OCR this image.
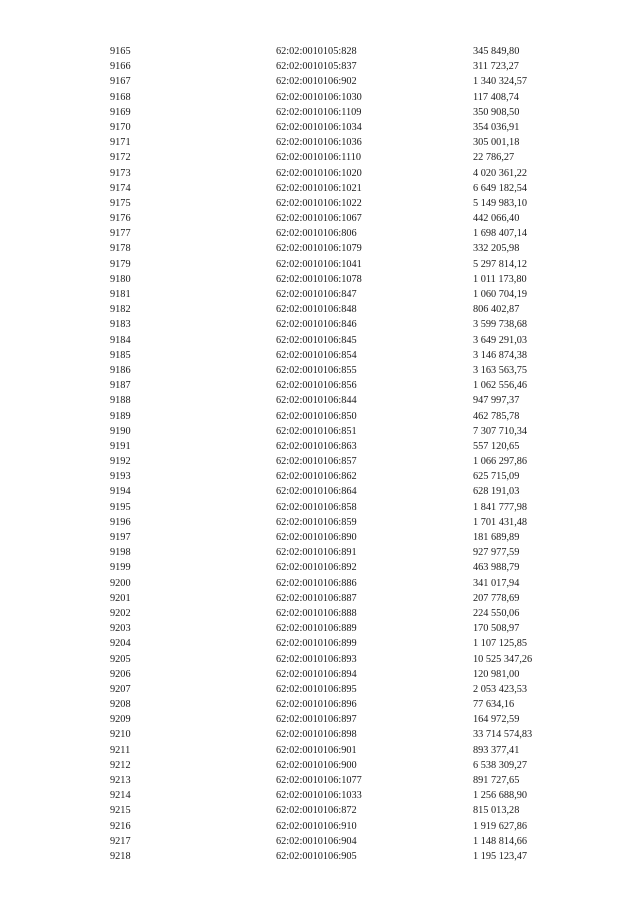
9165	62:02:0010105:828	345 849,80
9166	62:02:0010105:837	311 723,27
9167	62:02:0010106:902	1 340 324,57
9168	62:02:0010106:1030	117 408,74
9169	62:02:0010106:1109	350 908,50
9170	62:02:0010106:1034	354 036,91
9171	62:02:0010106:1036	305 001,18
9172	62:02:0010106:1110	22 786,27
9173	62:02:0010106:1020	4 020 361,22
9174	62:02:0010106:1021	6 649 182,54
9175	62:02:0010106:1022	5 149 983,10
9176	62:02:0010106:1067	442 066,40
9177	62:02:0010106:806	1 698 407,14
9178	62:02:0010106:1079	332 205,98
9179	62:02:0010106:1041	5 297 814,12
9180	62:02:0010106:1078	1 011 173,80
9181	62:02:0010106:847	1 060 704,19
9182	62:02:0010106:848	806 402,87
9183	62:02:0010106:846	3 599 738,68
9184	62:02:0010106:845	3 649 291,03
9185	62:02:0010106:854	3 146 874,38
9186	62:02:0010106:855	3 163 563,75
9187	62:02:0010106:856	1 062 556,46
9188	62:02:0010106:844	947 997,37
9189	62:02:0010106:850	462 785,78
9190	62:02:0010106:851	7 307 710,34
9191	62:02:0010106:863	557 120,65
9192	62:02:0010106:857	1 066 297,86
9193	62:02:0010106:862	625 715,09
9194	62:02:0010106:864	628 191,03
9195	62:02:0010106:858	1 841 777,98
9196	62:02:0010106:859	1 701 431,48
9197	62:02:0010106:890	181 689,89
9198	62:02:0010106:891	927 977,59
9199	62:02:0010106:892	463 988,79
9200	62:02:0010106:886	341 017,94
9201	62:02:0010106:887	207 778,69
9202	62:02:0010106:888	224 550,06
9203	62:02:0010106:889	170 508,97
9204	62:02:0010106:899	1 107 125,85
9205	62:02:0010106:893	10 525 347,26
9206	62:02:0010106:894	120 981,00
9207	62:02:0010106:895	2 053 423,53
9208	62:02:0010106:896	77 634,16
9209	62:02:0010106:897	164 972,59
9210	62:02:0010106:898	33 714 574,83
9211	62:02:0010106:901	893 377,41
9212	62:02:0010106:900	6 538 309,27
9213	62:02:0010106:1077	891 727,65
9214	62:02:0010106:1033	1 256 688,90
9215	62:02:0010106:872	815 013,28
9216	62:02:0010106:910	1 919 627,86
9217	62:02:0010106:904	1 148 814,66
9218	62:02:0010106:905	1 195 123,47
